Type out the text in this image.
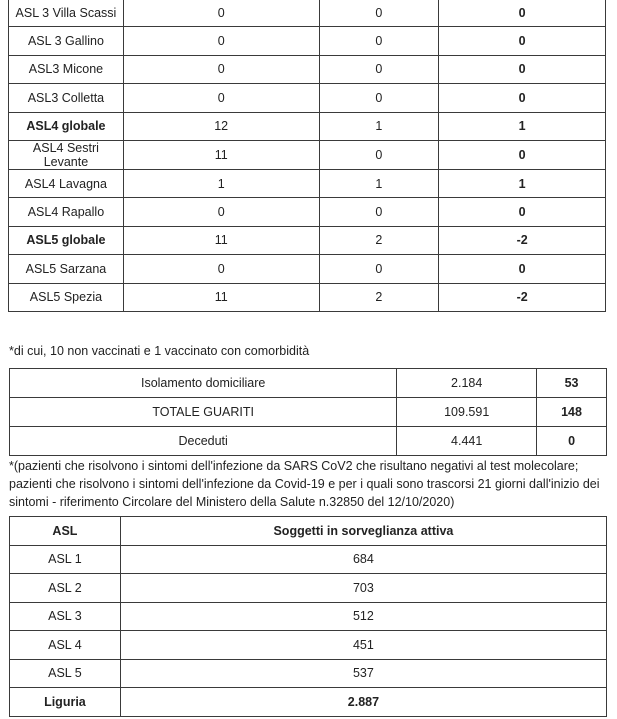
ASL 3 Villa Scassi	0	0	0
ASL 3 Gallino	0	0	0
ASL3 Micone	0	0	0
ASL3 Colletta	0	0	0
ASL4 globale	12	1	1
ASL4 Sestri Levante	11	0	0
ASL4 Lavagna	1	1	1
ASL4 Rapallo	0	0	0
ASL5 globale	11	2	-2
ASL5 Sarzana	0	0	0
ASL5 Spezia	11	2	-2
*di cui, 10 non vaccinati e 1 vaccinato con comorbidità
Isolamento domiciliare	2.184	53
TOTALE GUARITI	109.591	148
Deceduti	4.441	0
*(pazienti che risolvono i sintomi dell'infezione da SARS CoV2 che risultano negativi al test molecolare; pazienti che risolvono i sintomi dell'infezione da Covid-19 e per i quali sono trascorsi 21 giorni dall'inizio dei sintomi - riferimento Circolare del Ministero della Salute n.32850 del 12/10/2020)
ASL	Soggetti in sorveglianza attiva
ASL 1	684
ASL 2	703
ASL 3	512
ASL 4	451
ASL 5	537
Liguria	2.887
